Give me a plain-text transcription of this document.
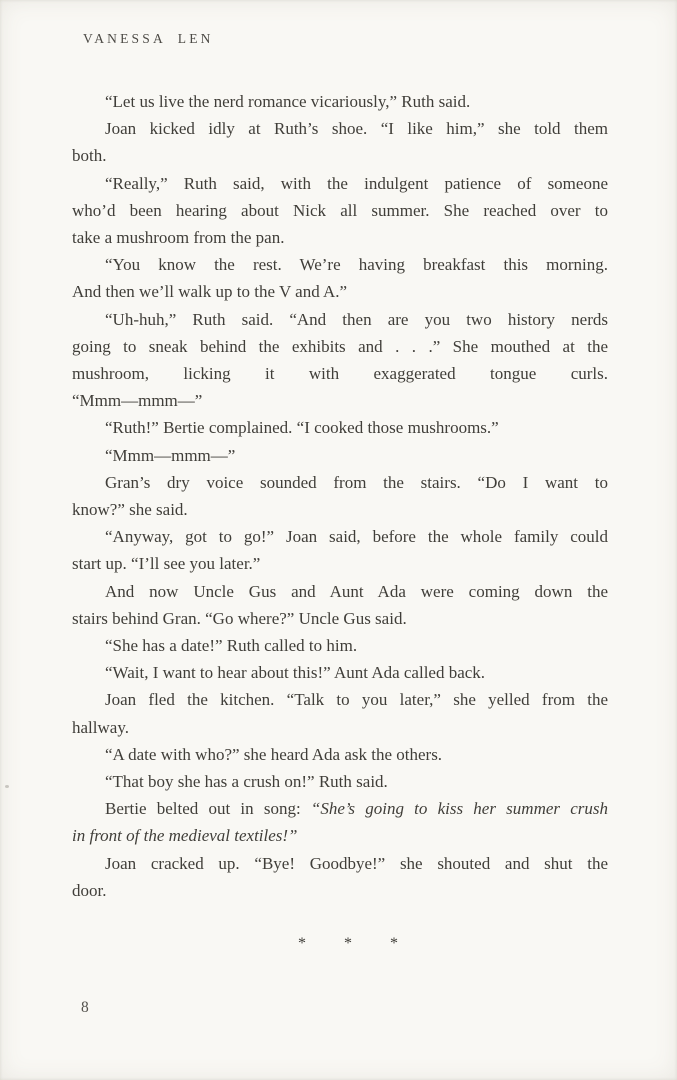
VANESSA LEN
“Let us live the nerd romance vicariously,” Ruth said.
Joan kicked idly at Ruth’s shoe. “I like him,” she told them
both.
“Really,” Ruth said, with the indulgent patience of someone
who’d been hearing about Nick all summer. She reached over to
take a mushroom from the pan.
“You know the rest. We’re having breakfast this morning.
And then we’ll walk up to the V and A.”
“Uh-huh,” Ruth said. “And then are you two history nerds
going to sneak behind the exhibits and . . .” She mouthed at the
mushroom, licking it with exaggerated tongue curls.
“Mmm—mmm—”
“Ruth!” Bertie complained. “I cooked those mushrooms.”
“Mmm—mmm—”
Gran’s dry voice sounded from the stairs. “Do I want to
know?” she said.
“Anyway, got to go!” Joan said, before the whole family could
start up. “I’ll see you later.”
And now Uncle Gus and Aunt Ada were coming down the
stairs behind Gran. “Go where?” Uncle Gus said.
“She has a date!” Ruth called to him.
“Wait, I want to hear about this!” Aunt Ada called back.
Joan fled the kitchen. “Talk to you later,” she yelled from the
hallway.
“A date with who?” she heard Ada ask the others.
“That boy she has a crush on!” Ruth said.
Bertie belted out in song: “She’s going to kiss her summer crush
in front of the medieval textiles!”
Joan cracked up. “Bye! Goodbye!” she shouted and shut the
door.
* * *
8
